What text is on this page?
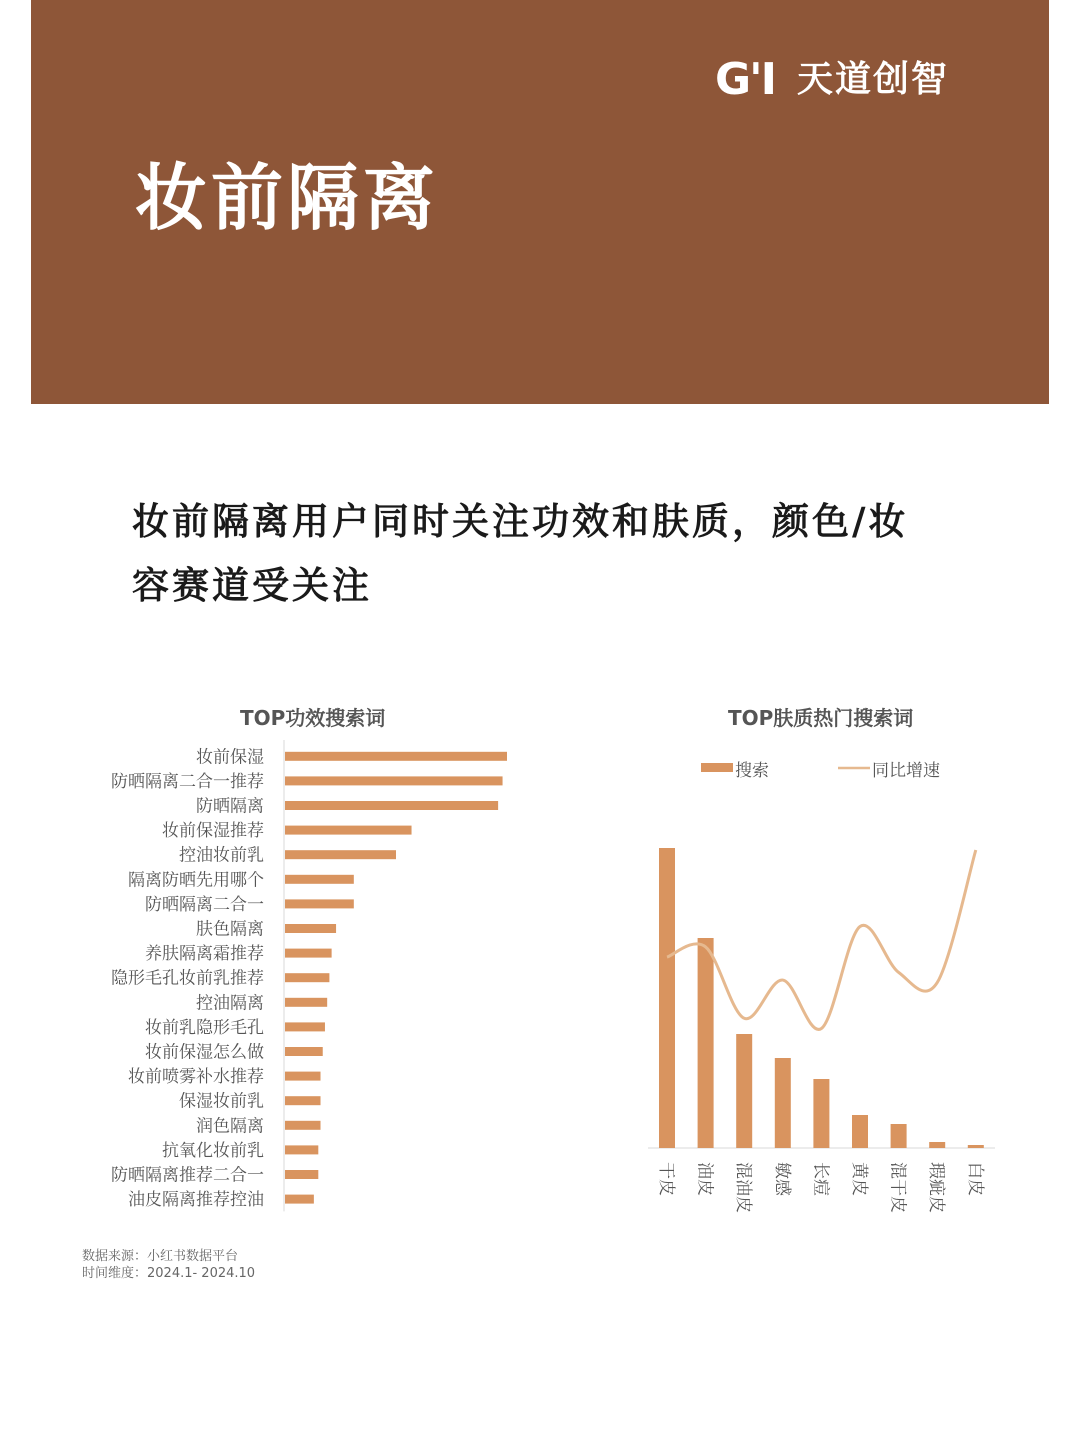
G'I 天道创智
妆前隔离
妆前隔离用户同时关注功效和肤质，颜色/妆容赛道受关注
TOP功效搜索词	TOP肤质热门搜索词
妆前保湿
防晒隔离二合一推荐
防晒隔离
妆前保湿推荐
控油妆前乳
隔离防晒先用哪个
防晒隔离二合一
肤色隔离
养肤隔离霜推荐
隐形毛孔妆前乳推荐
控油隔离
妆前乳隐形毛孔
妆前保湿怎么做
妆前喷雾补水推荐
保湿妆前乳
润色隔离
抗氧化妆前乳
防晒隔离推荐二合一
油皮隔离推荐控油
搜索	同比增速
干皮 油皮 混油皮 敏感 长痘 黄皮 混干皮 瑕疵皮 白皮
数据来源：小红书数据平台
时间维度：2024.1- 2024.10
